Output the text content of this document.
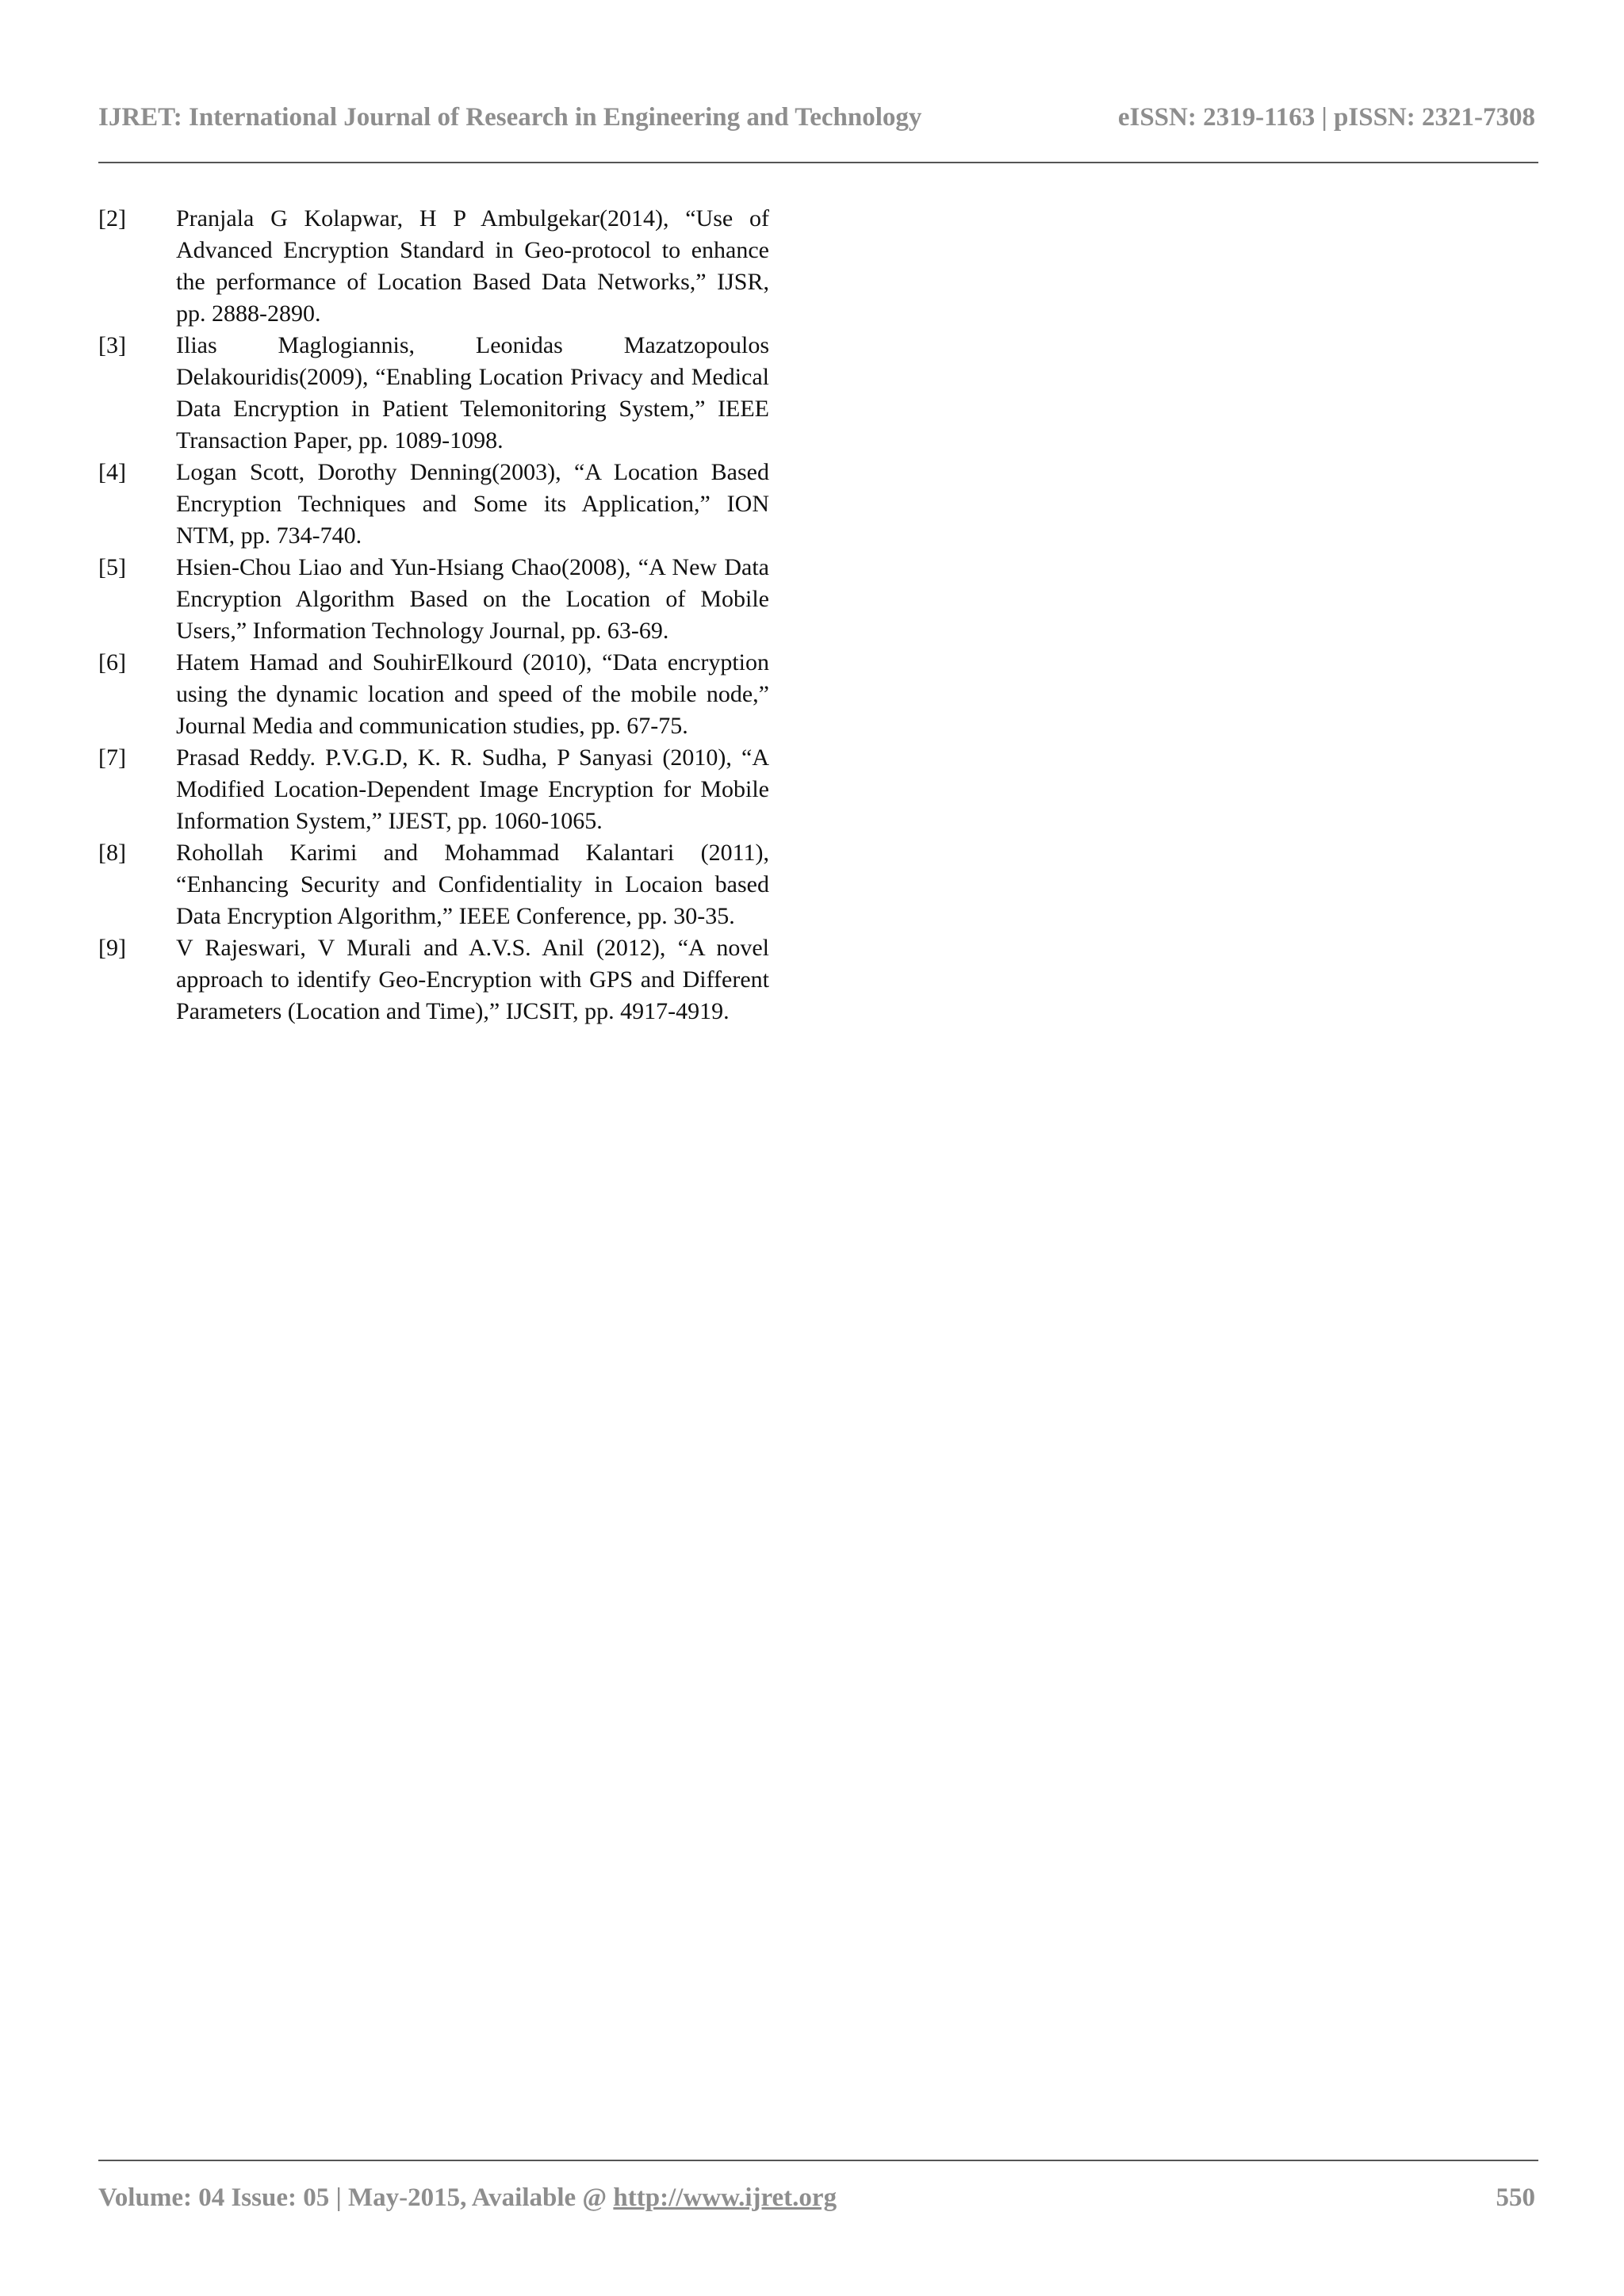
IJRET: International Journal of Research in Engineering and Technology	eISSN: 2319-1163 | pISSN: 2321-7308
[2]	Pranjala G Kolapwar, H P Ambulgekar(2014), “Use of Advanced Encryption Standard in Geo-protocol to enhance the performance of Location Based Data Networks,” IJSR, pp. 2888-2890.
[3]	Ilias Maglogiannis, Leonidas Mazatzopoulos Delakouridis(2009), “Enabling Location Privacy and Medical Data Encryption in Patient Telemonitoring System,” IEEE Transaction Paper, pp. 1089-1098.
[4]	Logan Scott, Dorothy Denning(2003), “A Location Based Encryption Techniques and Some its Application,” ION NTM, pp. 734-740.
[5]	Hsien-Chou Liao and Yun-Hsiang Chao(2008), “A New Data Encryption Algorithm Based on the Location of Mobile Users,” Information Technology Journal, pp. 63-69.
[6]	Hatem Hamad and SouhirElkourd (2010), “Data encryption using the dynamic location and speed of the mobile node,” Journal Media and communication studies, pp. 67-75.
[7]	Prasad Reddy. P.V.G.D, K. R. Sudha, P Sanyasi (2010), “A Modified Location-Dependent Image Encryption for Mobile Information System,” IJEST, pp. 1060-1065.
[8]	Rohollah Karimi and Mohammad Kalantari (2011), “Enhancing Security and Confidentiality in Locaion based Data Encryption Algorithm,” IEEE Conference, pp. 30-35.
[9]	V Rajeswari, V Murali and A.V.S. Anil (2012), “A novel approach to identify Geo-Encryption with GPS and Different Parameters (Location and Time),” IJCSIT, pp. 4917-4919.
Volume: 04 Issue: 05 | May-2015, Available @ http://www.ijret.org	550
